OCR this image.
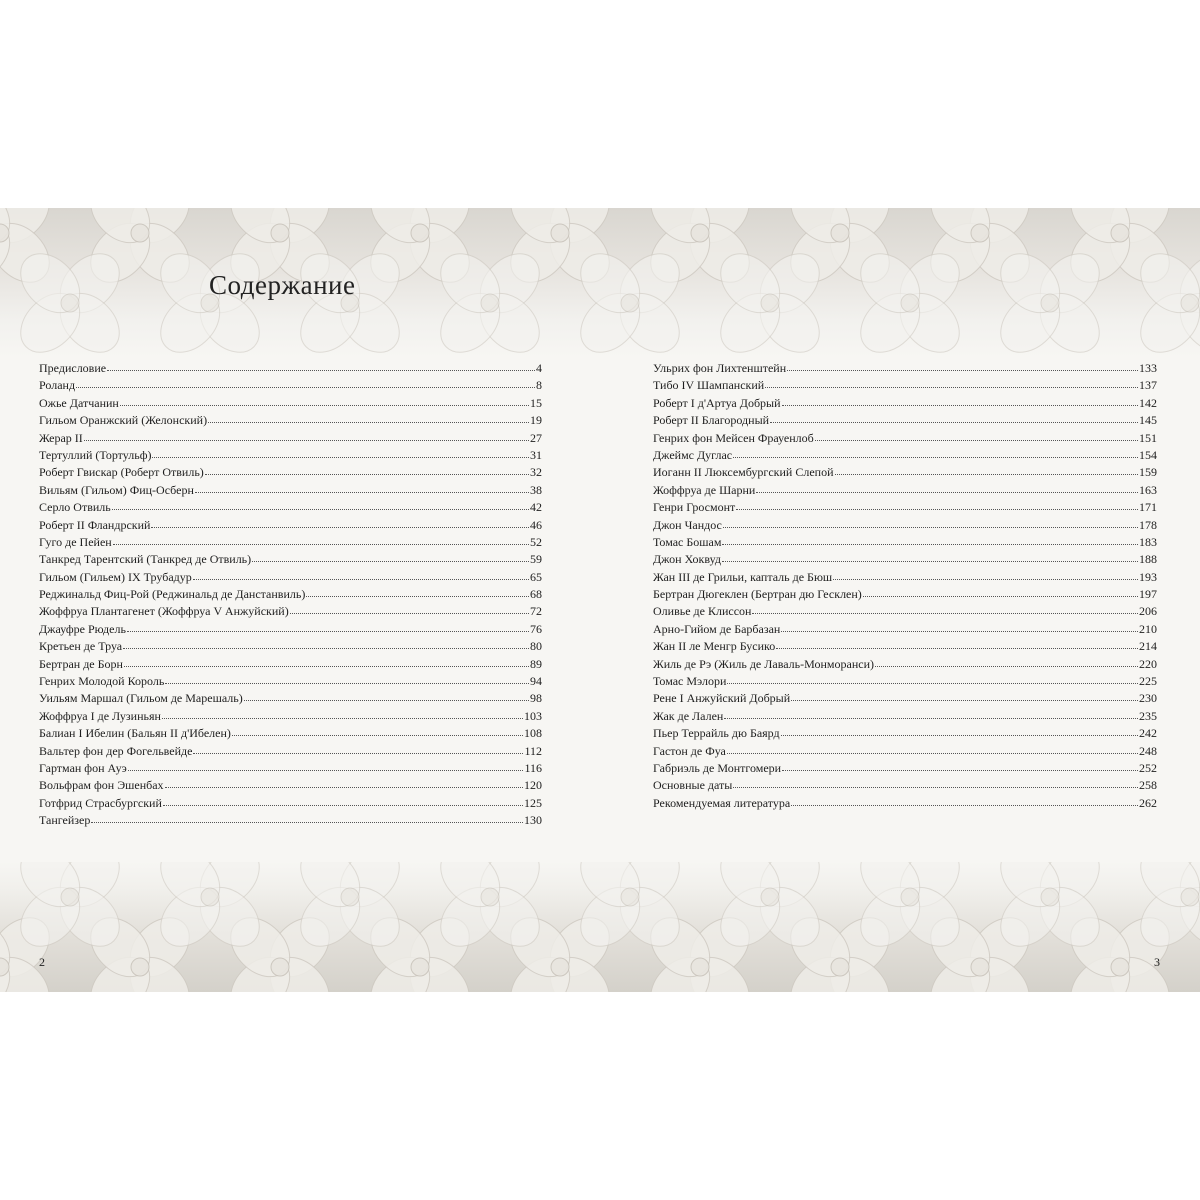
Содержание
Предисловие	4
Роланд	8
Ожье Датчанин	15
Гильом Оранжский (Желонский)	19
Жерар II	27
Тертуллий (Тортульф)	31
Роберт Гвискар (Роберт Отвиль)	32
Вильям (Гильом) Фиц-Осберн	38
Серло Отвиль	42
Роберт II Фландрский	46
Гуго де Пейен	52
Танкред Тарентский (Танкред де Отвиль)	59
Гильом (Гильем) IX Трубадур	65
Реджинальд Фиц-Рой (Реджинальд де Данстанвиль)	68
Жоффруа Плантагенет (Жоффруа V Анжуйский)	72
Джауфре Рюдель	76
Кретьен де Труа	80
Бертран де Борн	89
Генрих Молодой Король	94
Уильям Маршал (Гильом де Марешаль)	98
Жоффруа I де Лузиньян	103
Балиан I Ибелин (Бальян II д'Ибелен)	108
Вальтер фон дер Фогельвейде	112
Гартман фон Ауэ	116
Вольфрам фон Эшенбах	120
Готфрид Страсбургский	125
Тангейзер	130
2
Ульрих фон Лихтенштейн	133
Тибо IV Шампанский	137
Роберт I д'Артуа Добрый	142
Роберт II Благородный	145
Генрих фон Мейсен Фрауенлоб	151
Джеймс Дуглас	154
Иоганн II Люксембургский Слепой	159
Жоффруа де Шарни	163
Генри Гросмонт	171
Джон Чандос	178
Томас Бошам	183
Джон Хоквуд	188
Жан III де Грильи, капталь де Бюш	193
Бертран Дюгеклен (Бертран дю Гесклен)	197
Оливье де Клиссон	206
Арно-Гийом де Барбазан	210
Жан II ле Менгр Бусико	214
Жиль де Рэ (Жиль де Лаваль-Монморанси)	220
Томас Мэлори	225
Рене I Анжуйский Добрый	230
Жак де Лален	235
Пьер Террайль дю Баярд	242
Гастон де Фуа	248
Габриэль де Монтгомери	252
Основные даты	258
Рекомендуемая литература	262
3
